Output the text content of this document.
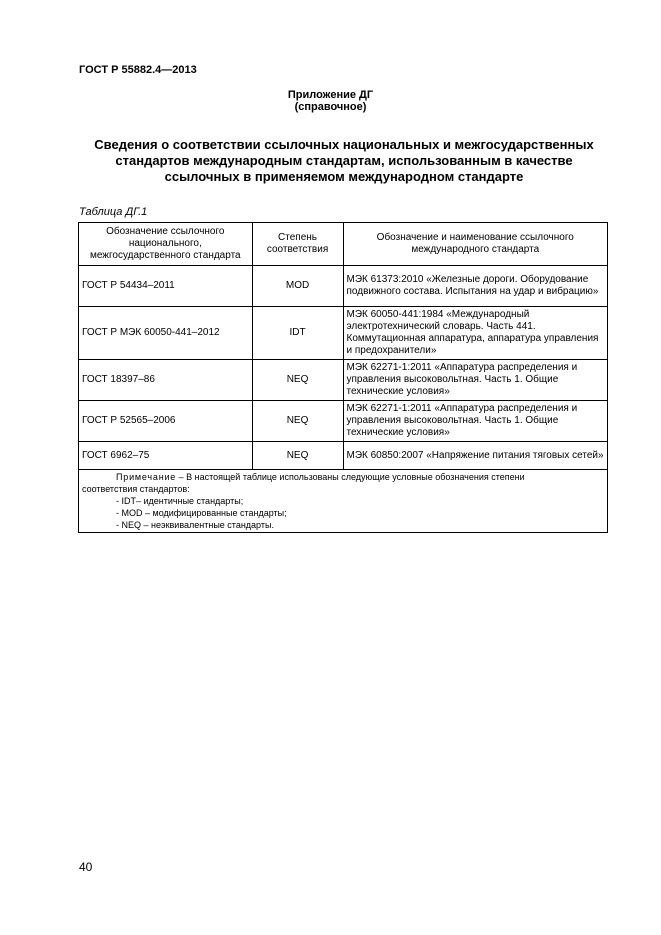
ГОСТ Р 55882.4—2013
Приложение ДГ
(справочное)
Сведения о соответствии ссылочных национальных и межгосударственных
стандартов международным стандартам, использованным в качестве
ссылочных в применяемом международном стандарте
Таблица ДГ.1
Обозначение ссылочного национального, межгосударственного стандарта	Степень соответствия	Обозначение и наименование ссылочного международного стандарта
ГОСТ Р 54434–2011	MOD	МЭК 61373:2010 «Железные дороги. Оборудование подвижного состава. Испытания на удар и вибрацию»
ГОСТ Р МЭК 60050-441–2012	IDT	МЭК 60050-441:1984 «Международный электротехнический словарь. Часть 441. Коммутационная аппаратура, аппаратура управления и предохранители»
ГОСТ 18397–86	NEQ	МЭК 62271-1:2011 «Аппаратура распределения и управления высоковольтная. Часть 1. Общие технические условия»
ГОСТ Р 52565–2006	NEQ	МЭК 62271-1:2011 «Аппаратура распределения и управления высоковольтная. Часть 1. Общие технические условия»
ГОСТ 6962–75	NEQ	МЭК 60850:2007 «Напряжение питания тяговых сетей»

Примечание – В настоящей таблице использованы следующие условные обозначения степени
соответствия стандартов:
- IDT– идентичные стандарты;
- MOD – модифицированные стандарты;
- NEQ – неэквивалентные стандарты.		
40
